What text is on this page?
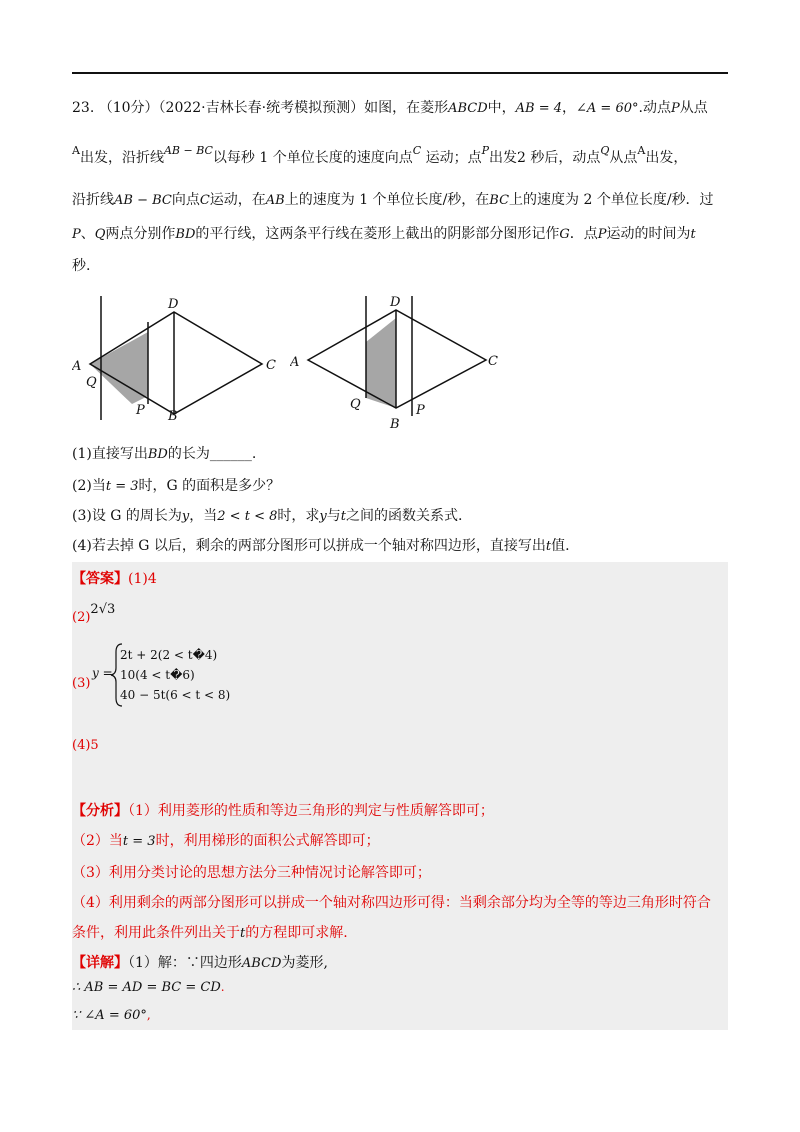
23. （10分）（2022·吉林长春·统考模拟预测）如图，在菱形ABCD中，AB = 4，∠A = 60°.动点P从点
$^A$出发，沿折线$^{AB - BC}$以每秒 1 个单位长度的速度向点$^C$ 运动；点$^P$出发2 秒后，动点$^Q$从点$^A$出发，
沿折线AB − BC向点C运动，在AB上的速度为 1 个单位长度/秒，在BC上的速度为 2 个单位长度/秒．过
P、Q两点分别作BD的平行线，这两条平行线在菱形上截出的阴影部分图形记作G．点P运动的时间为t
秒.
A
D
C
B
Q
P
A
D
C
B
Q	P
(1)直接写出BD的长为______.
(2)当t = 3时，G 的面积是多少？
(3)设 G 的周长为y，当2 < t < 8时，求y与t之间的函数关系式.
(4)若去掉 G 以后，剩余的两部分图形可以拼成一个轴对称四边形，直接写出t值.
【答案】(1)4
(2)2√3
(3)
y =
2t + 2(2 < t�4)
10(4 < t�6)
40 − 5t(6 < t < 8)
(4)5
【分析】（1）利用菱形的性质和等边三角形的判定与性质解答即可；
（2）当t = 3时，利用梯形的面积公式解答即可；
（3）利用分类讨论的思想方法分三种情况讨论解答即可；
（4）利用剩余的两部分图形可以拼成一个轴对称四边形可得：当剩余部分均为全等的等边三角形时符合
条件，利用此条件列出关于t的方程即可求解.
【详解】（1）解：∵四边形ABCD为菱形,
∴ AB = AD = BC = CD.
∵ ∠A = 60°,
